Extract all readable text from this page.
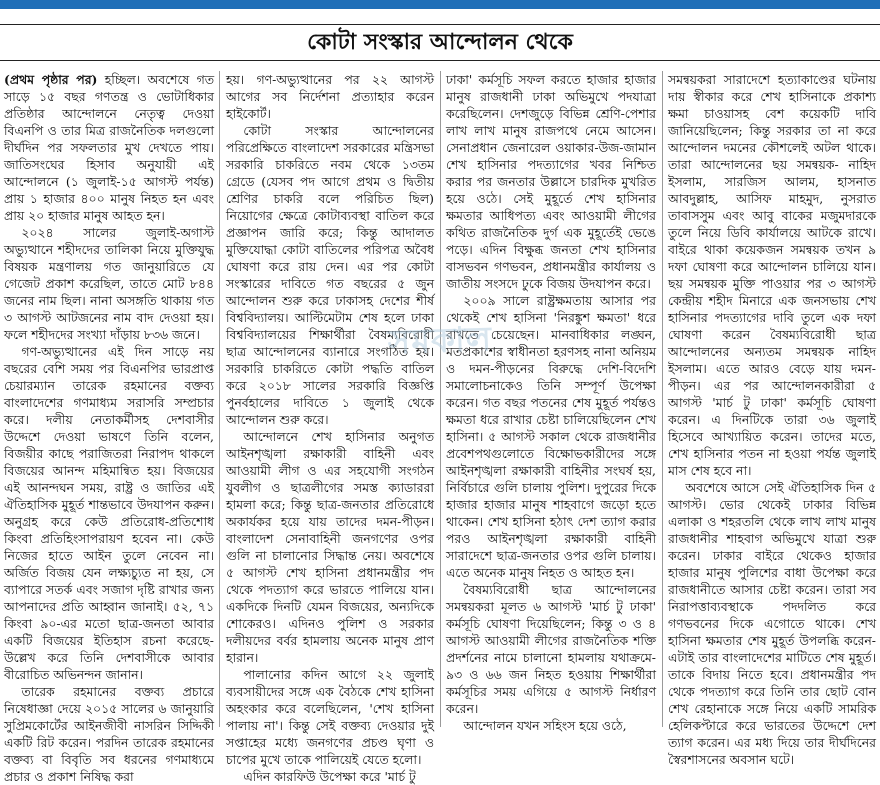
কোটা সংস্কার আন্দোলন থেকে

(প্রথম পৃষ্ঠার পর) হচ্ছিল। অবশেষে গত সাড়ে ১৫ বছর গণতন্ত্র ও ভোটাধিকার প্রতিষ্ঠার আন্দোলনে নেতৃত্ব দেওয়া বিএনপি ও তার মিত্র রাজনৈতিক দলগুলো দীর্ঘদিন পর সফলতার মুখ দেখতে পায়। জাতিসংঘের হিসাব অনুযায়ী এই আন্দোলনে (১ জুলাই-১৫ আগস্ট পর্যন্ত) প্রায় ১ হাজার ৪০০ মানুষ নিহত হন এবং প্রায় ২০ হাজার মানুষ আহত হন।

২০২৪ সালের জুলাই-অগাস্ট অভ্যুত্থানে শহীদদের তালিকা নিয়ে মুক্তিযুদ্ধ বিষয়ক মন্ত্রণালয় গত জানুয়ারিতে যে গেজেট প্রকাশ করেছিল, তাতে মোট ৮৪৪ জনের নাম ছিল। নানা অসঙ্গতি থাকায় গত ৩ আগস্ট আটজনের নাম বাদ দেওয়া হয়। ফলে শহীদদের সংখ্যা দাঁড়ায় ৮৩৬ জনে।

গণ-অভ্যুত্থানের এই দিন সাড়ে নয় বছরের বেশি সময় পর বিএনপির ভারপ্রাপ্ত চেয়ারম্যান তারেক রহমানের বক্তব্য বাংলাদেশের গণমাধ্যম সরাসরি সম্প্রচার করে। দলীয় নেতাকর্মীসহ দেশবাসীর উদ্দেশে দেওয়া ভাষণে তিনি বলেন, বিজয়ীর কাছে পরাজিতরা নিরাপদ থাকলে বিজয়ের আনন্দ মহিমান্বিত হয়। বিজয়ের এই আনন্দঘন সময়, রাষ্ট্র ও জাতির এই ঐতিহাসিক মুহূর্ত শান্তভাবে উদযাপন করুন। অনুগ্রহ করে কেউ প্রতিরোধ-প্রতিশোধ কিংবা প্রতিহিংসাপরায়ণ হবেন না। কেউ নিজের হাতে আইন তুলে নেবেন না। অর্জিত বিজয় যেন লক্ষ্যচ্যুত না হয়, সে ব্যাপারে সতর্ক এবং সজাগ দৃষ্টি রাখার জন্য আপনাদের প্রতি আহ্বান জানাই। ৫২, ৭১ কিংবা ৯০-এর মতো ছাত্র-জনতা আবার একটি বিজয়ের ইতিহাস রচনা করেছে- উল্লেখ করে তিনি দেশবাসীকে আবার বীরোচিত অভিনন্দন জানান।

তারেক রহমানের বক্তব্য প্রচারে নিষেধাজ্ঞা দেয়ে ২০১৫ সালের ৬ জানুয়ারি সুপ্রিমকোর্টের আইনজীবী নাসরিন সিদ্দিকী একটি রিট করেন। পরদিন তারেক রহমানের বক্তব্য বা বিবৃতি সব ধরনের গণমাধ্যমে প্রচার ও প্রকাশ নিষিদ্ধ করা

হয়। গণ-অভ্যুত্থানের পর ২২ আগস্ট আগের সব নির্দেশনা প্রত্যাহার করেন হাইকোর্ট।

কোটা সংস্কার আন্দোলনের পরিপ্রেক্ষিতে বাংলাদেশ সরকারের মন্ত্রিসভা সরকারি চাকরিতে নবম থেকে ১৩তম গ্রেডে (যেসব পদ আগে প্রথম ও দ্বিতীয় শ্রেণির চাকরি বলে পরিচিত ছিল) নিয়োগের ক্ষেত্রে কোটাব্যবস্থা বাতিল করে প্রজ্ঞাপন জারি করে; কিন্তু আদালত মুক্তিযোদ্ধা কোটা বাতিলের পরিপত্র অবৈধ ঘোষণা করে রায় দেন। এর পর কোটা সংস্কারের দাবিতে গত বছরের ৫ জুন আন্দোলন শুরু করে ঢাকাসহ দেশের শীর্ষ বিশ্ববিদ্যালয়। আল্টিমেটাম শেষ হলে ঢাকা বিশ্ববিদ্যালয়ের শিক্ষার্থীরা বৈষম্যবিরোধী ছাত্র আন্দোলনের ব্যানারে সংগঠিত হয়। সরকারি চাকরিতে কোটা পদ্ধতি বাতিল করে ২০১৮ সালের সরকারি বিজ্ঞপ্তি পুনর্বহালের দাবিতে ১ জুলাই থেকে আন্দোলন শুরু করে।

আন্দোলনে শেখ হাসিনার অনুগত আইনশৃঙ্খলা রক্ষাকারী বাহিনী এবং আওয়ামী লীগ ও এর সহযোগী সংগঠন যুবলীগ ও ছাত্রলীগের সমস্ত ক্যাডাররা হামলা করে; কিন্তু ছাত্র-জনতার প্রতিরোধে অকার্যকর হয়ে যায় তাদের দমন-পীড়ন। বাংলাদেশ সেনাবাহিনী জনগণের ওপর গুলি না চালানোর সিদ্ধান্ত নেয়। অবশেষে ৫ আগস্ট শেখ হাসিনা প্রধানমন্ত্রীর পদ থেকে পদত্যাগ করে ভারতে পালিয়ে যান। একদিকে দিনটি যেমন বিজয়ের, অন্যদিকে শোকেরও। এদিনও পুলিশ ও সরকার দলীয়দের বর্বর হামলায় অনেক মানুষ প্রাণ হারান।

পালানোর কদিন আগে ২২ জুলাই ব্যবসায়ীদের সঙ্গে এক বৈঠকে শেখ হাসিনা অহংকার করে বলেছিলেন, 'শেখ হাসিনা পালায় না'। কিন্তু সেই বক্তব্য দেওয়ার দুই সপ্তাহের মধ্যে জনগণের প্রচণ্ড ঘৃণা ও চাপের মুখে তাকে পালিয়েই যেতে হলো।

এদিন কারফিউ উপেক্ষা করে 'মার্চ টু

ঢাকা' কর্মসূচি সফল করতে হাজার হাজার মানুষ রাজধানী ঢাকা অভিমুখে পদযাত্রা করেছিলেন। দেশজুড়ে বিভিন্ন শ্রেণি-পেশার লাখ লাখ মানুষ রাজপথে নেমে আসেন। সেনাপ্রধান জেনারেল ওয়াকার-উজ-জামান শেখ হাসিনার পদত্যাগের খবর নিশ্চিত করার পর জনতার উল্লাসে চারদিক মুখরিত হয়ে ওঠে। সেই মুহূর্তে শেখ হাসিনার ক্ষমতার আধিপত্য এবং আওয়ামী লীগের কথিত রাজনৈতিক দুর্গ এক মুহূর্তেই ভেঙে পড়ে। এদিন বিক্ষুব্ধ জনতা শেখ হাসিনার বাসভবন গণভবন, প্রধানমন্ত্রীর কার্যালয় ও জাতীয় সংসদে ঢুকে বিজয় উদযাপন করে।

২০০৯ সালে রাষ্ট্রক্ষমতায় আসার পর থেকেই শেখ হাসিনা 'নিরঙ্কুশ ক্ষমতা' ধরে রাখতে চেয়েছেন। মানবাধিকার লঙ্ঘন, মতপ্রকাশের স্বাধীনতা হরণসহ নানা অনিয়ম ও দমন-পীড়নের বিরুদ্ধে দেশি-বিদেশি সমালোচনাকেও তিনি সম্পূর্ণ উপেক্ষা করেন। গত বছর পতনের শেষ মুহূর্ত পর্যন্তও ক্ষমতা ধরে রাখার চেষ্টা চালিয়েছিলেন শেখ হাসিনা। ৫ আগস্ট সকাল থেকে রাজধানীর প্রবেশপথগুলোতে বিক্ষোভকারীদের সঙ্গে আইনশৃঙ্খলা রক্ষাকারী বাহিনীর সংঘর্ষ হয়, নির্বিচারে গুলি চালায় পুলিশ। দুপুরের দিকে হাজার হাজার মানুষ শাহবাগে জড়ো হতে থাকেন। শেখ হাসিনা হঠাৎ দেশ ত্যাগ করার পরও আইনশৃঙ্খলা রক্ষাকারী বাহিনী সারাদেশে ছাত্র-জনতার ওপর গুলি চালায়। এতে অনেক মানুষ নিহত ও আহত হন।

বৈষম্যবিরোধী ছাত্র আন্দোলনের সমন্বয়করা মূলত ৬ আগস্ট 'মার্চ টু ঢাকা' কর্মসূচি ঘোষণা দিয়েছিলেন; কিন্তু ৩ ও ৪ আগস্ট আওয়ামী লীগের রাজনৈতিক শক্তি প্রদর্শনের নামে চালানো হামলায় যথাক্রমে- ৯৩ ও ৬৬ জন নিহত হওয়ায় শিক্ষার্থীরা কর্মসূচির সময় এগিয়ে ৫ আগস্ট নির্ধারণ করেন।

আন্দোলন যখন সহিংস হয়ে ওঠে,

সমন্বয়করা সারাদেশে হত্যাকাণ্ডের ঘটনায় দায় স্বীকার করে শেখ হাসিনাকে প্রকাশ্য ক্ষমা চাওয়াসহ বেশ কয়েকটি দাবি জানিয়েছিলেন; কিন্তু সরকার তা না করে আন্দোলন দমনের কৌশলেই অটল থাকে। তারা আন্দোলনের ছয় সমন্বয়ক- নাহিদ ইসলাম, সারজিস আলম, হাসনাত আবদুল্লাহ, আসিফ মাহমুদ, নুসরাত তাবাসসুম এবং আবু বাকের মজুমদারকে তুলে নিয়ে ডিবি কার্যালয়ে আটকে রাখে। বাইরে থাকা কয়েকজন সমন্বয়ক তখন ৯ দফা ঘোষণা করে আন্দোলন চালিয়ে যান। ছয় সমন্বয়ক মুক্তি পাওয়ার পর ৩ আগস্ট কেন্দ্রীয় শহীদ মিনারে এক জনসভায় শেখ হাসিনার পদত্যাগের দাবি তুলে এক দফা ঘোষণা করেন বৈষম্যবিরোধী ছাত্র আন্দোলনের অন্যতম সমন্বয়ক নাহিদ ইসলাম। এতে আরও বেড়ে যায় দমন-পীড়ন। এর পর আন্দোলনকারীরা ৫ আগস্ট 'মার্চ টু ঢাকা' কর্মসূচি ঘোষণা করেন। এ দিনটিকে তারা ৩৬ জুলাই হিসেবে আখ্যায়িত করেন। তাদের মতে, শেখ হাসিনার পতন না হওয়া পর্যন্ত জুলাই মাস শেষ হবে না।

অবশেষে আসে সেই ঐতিহাসিক দিন ৫ আগস্ট। ভোর থেকেই ঢাকার বিভিন্ন এলাকা ও শহরতলি থেকে লাখ লাখ মানুষ রাজধানীর শাহবাগ অভিমুখে যাত্রা শুরু করেন। ঢাকার বাইরে থেকেও হাজার হাজার মানুষ পুলিশের বাধা উপেক্ষা করে রাজধানীতে আসার চেষ্টা করেন। তারা সব নিরাপত্তাব্যবস্থাকে পদদলিত করে গণভবনের দিকে এগোতে থাকে। শেখ হাসিনা ক্ষমতার শেষ মুহূর্ত উপলব্ধি করেন- এটাই তার বাংলাদেশের মাটিতে শেষ মুহূর্ত। তাকে বিদায় নিতে হবে। প্রধানমন্ত্রীর পদ থেকে পদত্যাগ করে তিনি তার ছোট বোন শেখ রেহানাকে সঙ্গে নিয়ে একটি সামরিক হেলিকপ্টারে করে ভারতের উদ্দেশে দেশ ত্যাগ করেন। এর মধ্য দিয়ে তার দীর্ঘদিনের স্বৈরশাসনের অবসান ঘটে।

সমকাল
